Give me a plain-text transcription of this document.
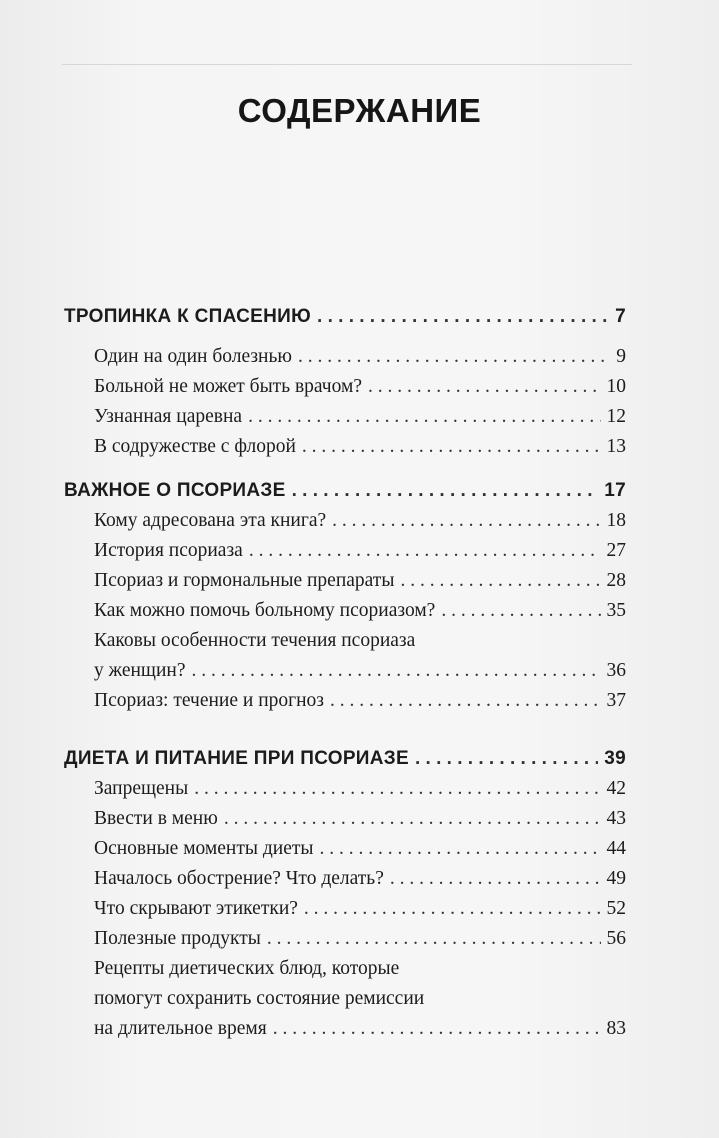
СОДЕРЖАНИЕ
ТРОПИНКА К СПАСЕНИЮ . . .	7
Один на один болезнью . . .	9
Больной не может быть врачом? . . .	10
Узнанная царевна . . .	12
В содружестве с флорой . . .	13
ВАЖНОЕ О ПСОРИАЗЕ . . .	17
Кому адресована эта книга? . . .	18
История псориаза . . .	27
Псориаз и гормональные препараты . . .	28
Как можно помочь больному псориазом? . . .	35
Каковы особенности течения псориаза
у женщин? . . .	36
Псориаз: течение и прогноз . . .	37
ДИЕТА И ПИТАНИЕ ПРИ ПСОРИАЗЕ . . .	39
Запрещены . . .	42
Ввести в меню . . .	43
Основные моменты диеты . . .	44
Началось обострение? Что делать? . . .	49
Что скрывают этикетки? . . .	52
Полезные продукты . . .	56
Рецепты диетических блюд, которые
помогут сохранить состояние ремиссии
на длительное время . . .	83
